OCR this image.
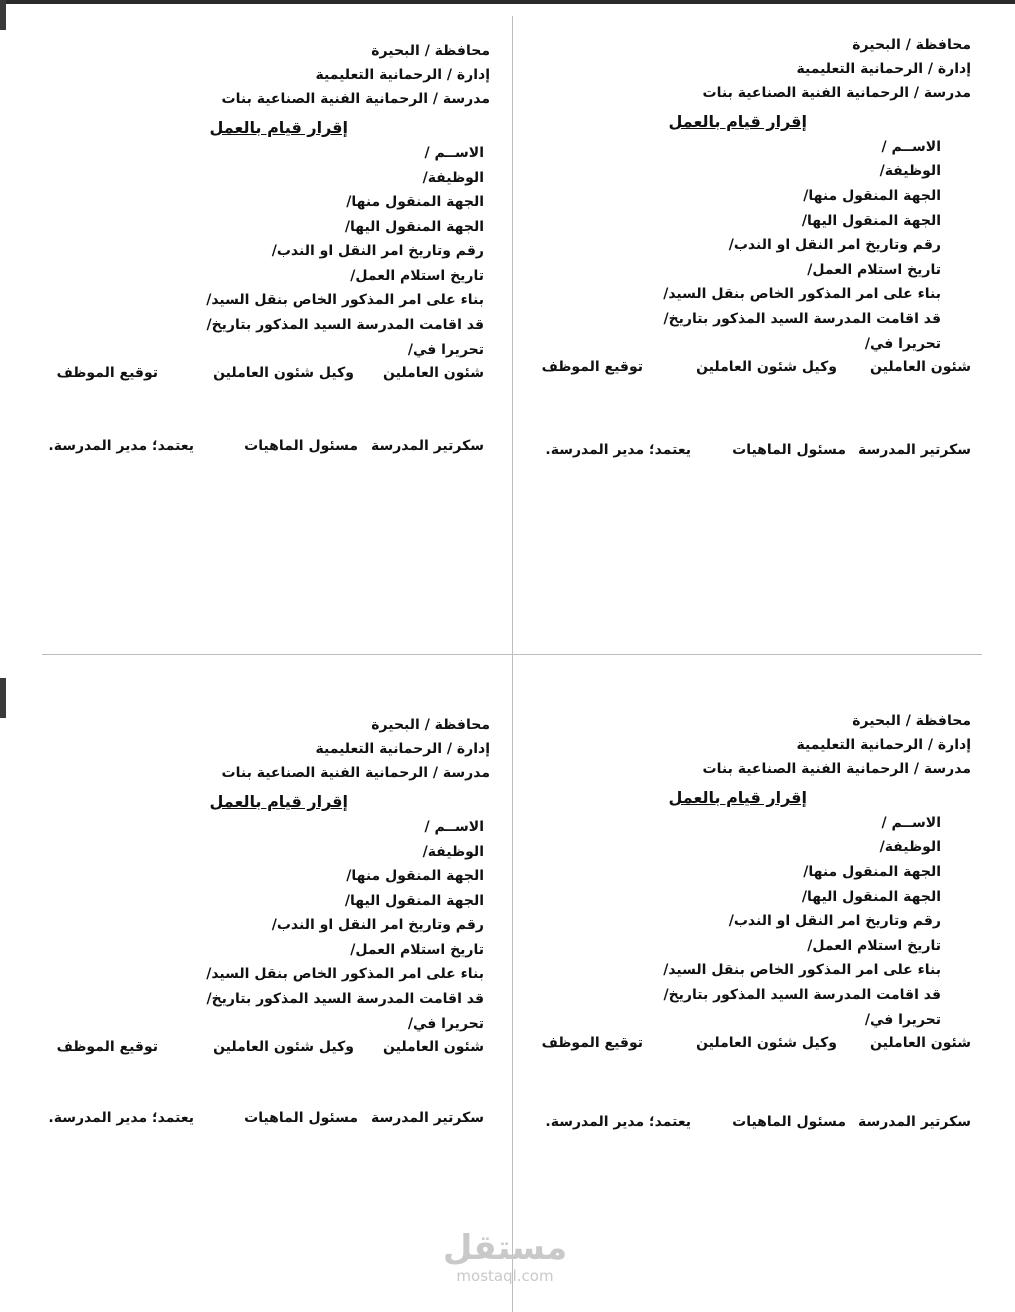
محافظة / البحيرة
إدارة / الرحمانية التعليمية
مدرسة / الرحمانية الفنية الصناعية بنات
إقرار قيام بالعمل
الاســم /
الوظيفة/
الجهة المنقول منها/
الجهة المنقول اليها/
رقم وتاريخ امر النقل او الندب/
تاريخ استلام العمل/
بناء على امر المذكور الخاص بنقل السيد/
قد اقامت المدرسة السيد المذكور بتاريخ/
تحريرا في/
شئون العاملين
وكيل شئون العاملين
توقيع الموظف
سكرتير المدرسة
مسئول الماهيات
يعتمد؛ مدير المدرسة.
محافظة / البحيرة
إدارة / الرحمانية التعليمية
مدرسة / الرحمانية الفنية الصناعية بنات
إقرار قيام بالعمل
الاســم /
الوظيفة/
الجهة المنقول منها/
الجهة المنقول اليها/
رقم وتاريخ امر النقل او الندب/
تاريخ استلام العمل/
بناء على امر المذكور الخاص بنقل السيد/
قد اقامت المدرسة السيد المذكور بتاريخ/
تحريرا في/
شئون العاملين
وكيل شئون العاملين
توقيع الموظف
سكرتير المدرسة
مسئول الماهيات
يعتمد؛ مدير المدرسة.
محافظة / البحيرة
إدارة / الرحمانية التعليمية
مدرسة / الرحمانية الفنية الصناعية بنات
إقرار قيام بالعمل
الاســم /
الوظيفة/
الجهة المنقول منها/
الجهة المنقول اليها/
رقم وتاريخ امر النقل او الندب/
تاريخ استلام العمل/
بناء على امر المذكور الخاص بنقل السيد/
قد اقامت المدرسة السيد المذكور بتاريخ/
تحريرا في/
شئون العاملين
وكيل شئون العاملين
توقيع الموظف
سكرتير المدرسة
مسئول الماهيات
يعتمد؛ مدير المدرسة.
محافظة / البحيرة
إدارة / الرحمانية التعليمية
مدرسة / الرحمانية الفنية الصناعية بنات
إقرار قيام بالعمل
الاســم /
الوظيفة/
الجهة المنقول منها/
الجهة المنقول اليها/
رقم وتاريخ امر النقل او الندب/
تاريخ استلام العمل/
بناء على امر المذكور الخاص بنقل السيد/
قد اقامت المدرسة السيد المذكور بتاريخ/
تحريرا في/
شئون العاملين
وكيل شئون العاملين
توقيع الموظف
سكرتير المدرسة
مسئول الماهيات
يعتمد؛ مدير المدرسة.
مستقل
mostaql.com
